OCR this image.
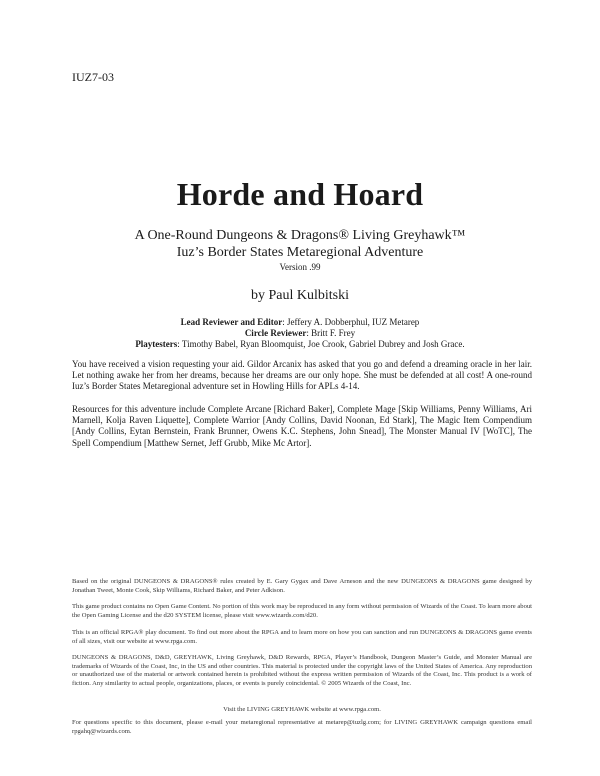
IUZ7-03
Horde and Hoard
A One-Round Dungeons & Dragons® Living Greyhawk™
Iuz’s Border States Metaregional Adventure
Version .99
by Paul Kulbitski
Lead Reviewer and Editor: Jeffery A. Dobberphul, IUZ Metarep
Circle Reviewer: Britt F. Frey
Playtesters: Timothy Babel, Ryan Bloomquist, Joe Crook, Gabriel Dubrey and Josh Grace.
You have received a vision requesting your aid. Gildor Arcanix has asked that you go and defend a dreaming oracle in her lair. Let nothing awake her from her dreams, because her dreams are our only hope. She must be defended at all cost! A one-round Iuz’s Border States Metaregional adventure set in Howling Hills for APLs 4-14.
Resources for this adventure include Complete Arcane [Richard Baker], Complete Mage [Skip Williams, Penny Williams, Ari Marnell, Kolja Raven Liquette], Complete Warrior [Andy Collins, David Noonan, Ed Stark], The Magic Item Compendium [Andy Collins, Eytan Bernstein, Frank Brunner, Owens K.C. Stephens, John Snead], The Monster Manual IV [WoTC], The Spell Compendium [Matthew Sernet, Jeff Grubb, Mike Mc Artor].
Based on the original DUNGEONS & DRAGONS® rules created by E. Gary Gygax and Dave Arneson and the new DUNGEONS & DRAGONS game designed by Jonathan Tweet, Monte Cook, Skip Williams, Richard Baker, and Peter Adkison.
This game product contains no Open Game Content. No portion of this work may be reproduced in any form without permission of Wizards of the Coast. To learn more about the Open Gaming License and the d20 SYSTEM license, please visit www.wizards.com/d20.
This is an official RPGA® play document. To find out more about the RPGA and to learn more on how you can sanction and run DUNGEONS & DRAGONS game events of all sizes, visit our website at www.rpga.com.
DUNGEONS & DRAGONS, D&D, GREYHAWK, Living Greyhawk, D&D Rewards, RPGA, Player’s Handbook, Dungeon Master’s Guide, and Monster Manual are trademarks of Wizards of the Coast, Inc, in the US and other countries. This material is protected under the copyright laws of the United States of America. Any reproduction or unauthorized use of the material or artwork contained herein is prohibited without the express written permission of Wizards of the Coast, Inc. This product is a work of fiction. Any similarity to actual people, organizations, places, or events is purely coincidental. © 2005 Wizards of the Coast, Inc.
Visit the LIVING GREYHAWK website at www.rpga.com.
For questions specific to this document, please e-mail your metaregional representative at metarep@iuzlg.com; for LIVING GREYHAWK campaign questions email rpgahq@wizards.com.
